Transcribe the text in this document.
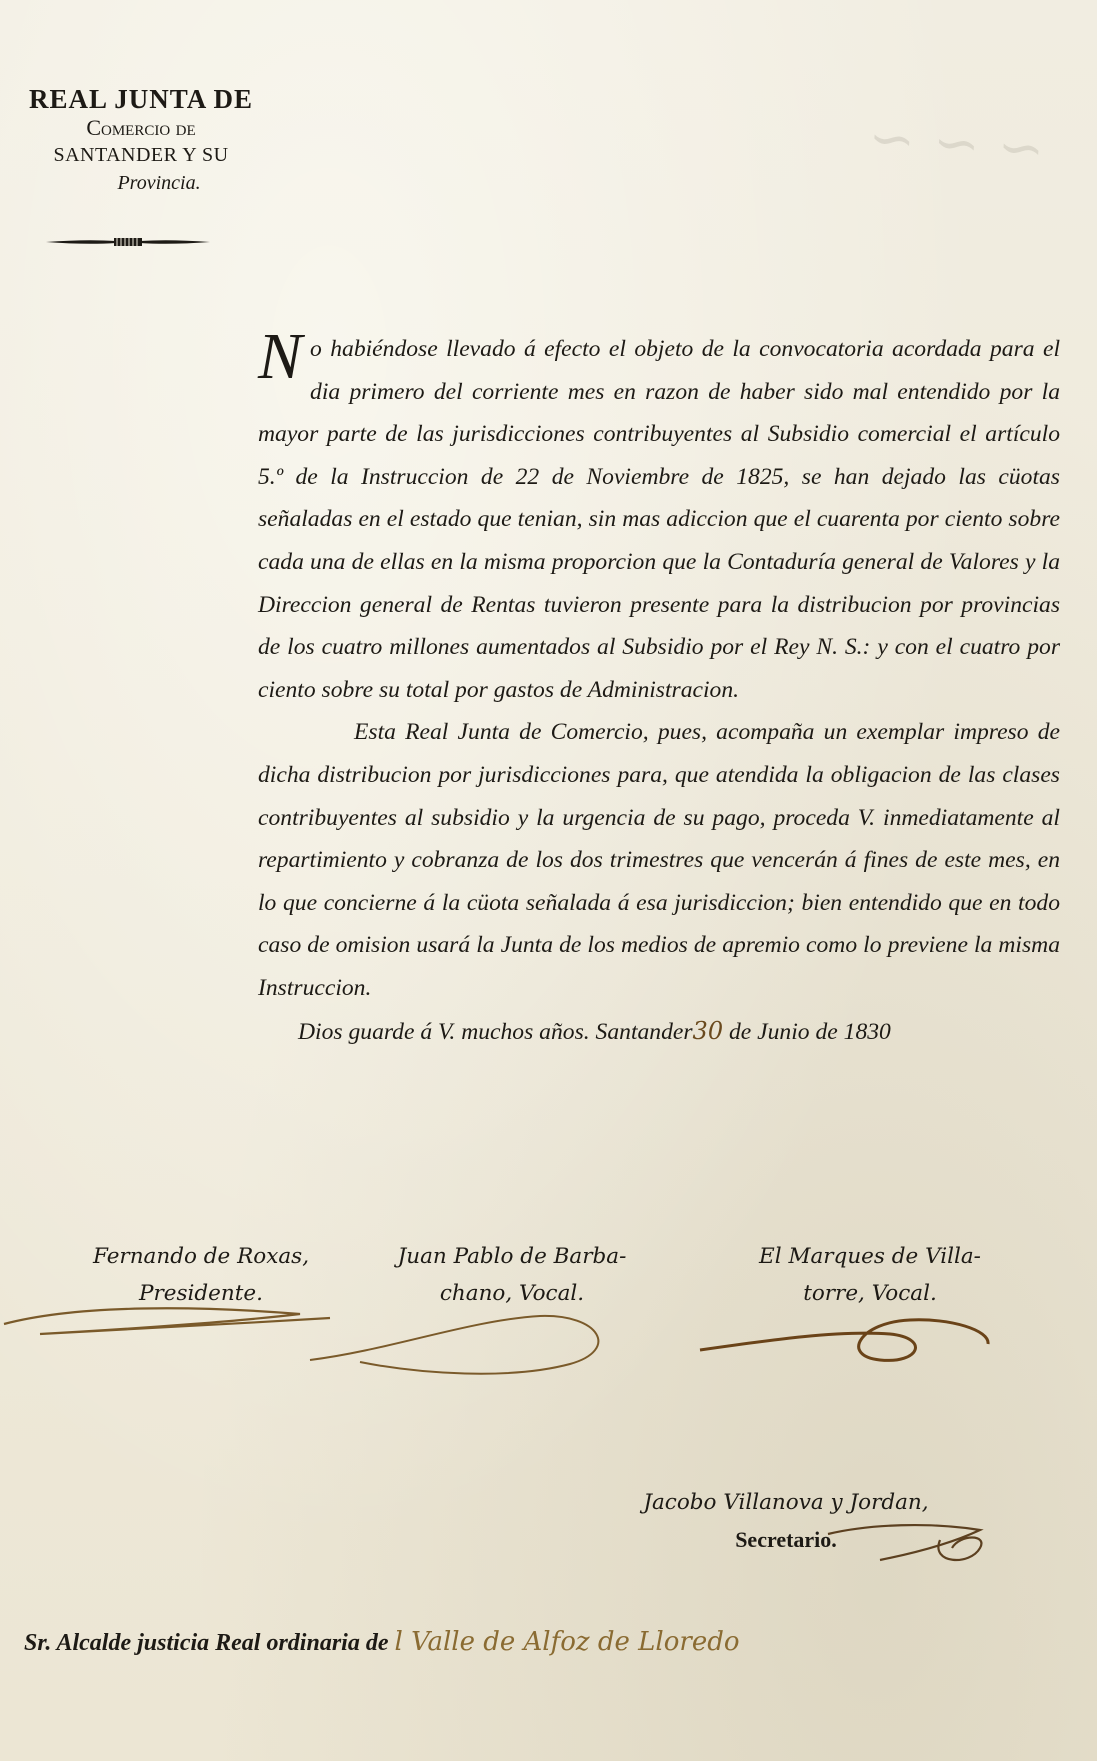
~ ~ ~
REAL JUNTA DE
Comercio de
SANTANDER Y SU
Provincia.

No habiéndose llevado á efecto el objeto de la convocatoria acordada para el dia primero del corriente mes en razon de haber sido mal entendido por la mayor parte de las jurisdicciones contribuyentes al Subsidio comercial el artículo 5.º de la Instruccion de 22 de Noviembre de 1825, se han dejado las cüotas señaladas en el estado que tenian, sin mas adiccion que el cuarenta por ciento sobre cada una de ellas en la misma proporcion que la Contaduría general de Valores y la Direccion general de Rentas tuvieron presente para la distribucion por provincias de los cuatro millones aumentados al Subsidio por el Rey N. S.: y con el cuatro por ciento sobre su total por gastos de Administracion.

Esta Real Junta de Comercio, pues, acompaña un exemplar impreso de dicha distribucion por jurisdicciones para, que atendida la obligacion de las clases contribuyentes al subsidio y la urgencia de su pago, proceda V. inmediatamente al repartimiento y cobranza de los dos trimestres que vencerán á fines de este mes, en lo que concierne á la cüota señalada á esa jurisdiccion; bien entendido que en todo caso de omision usará la Junta de los medios de apremio como lo previene la misma Instruccion.

Dios guarde á V. muchos años. Santander30 de Junio de 1830

Fernando de Roxas,
Presidente.
Juan Pablo de Barba-
chano, Vocal.
El Marques de Villa-
torre, Vocal.
Jacobo Villanova y Jordan,
Secretario.
Sr. Alcalde justicia Real ordinaria de l Valle de Alfoz de Lloredo
